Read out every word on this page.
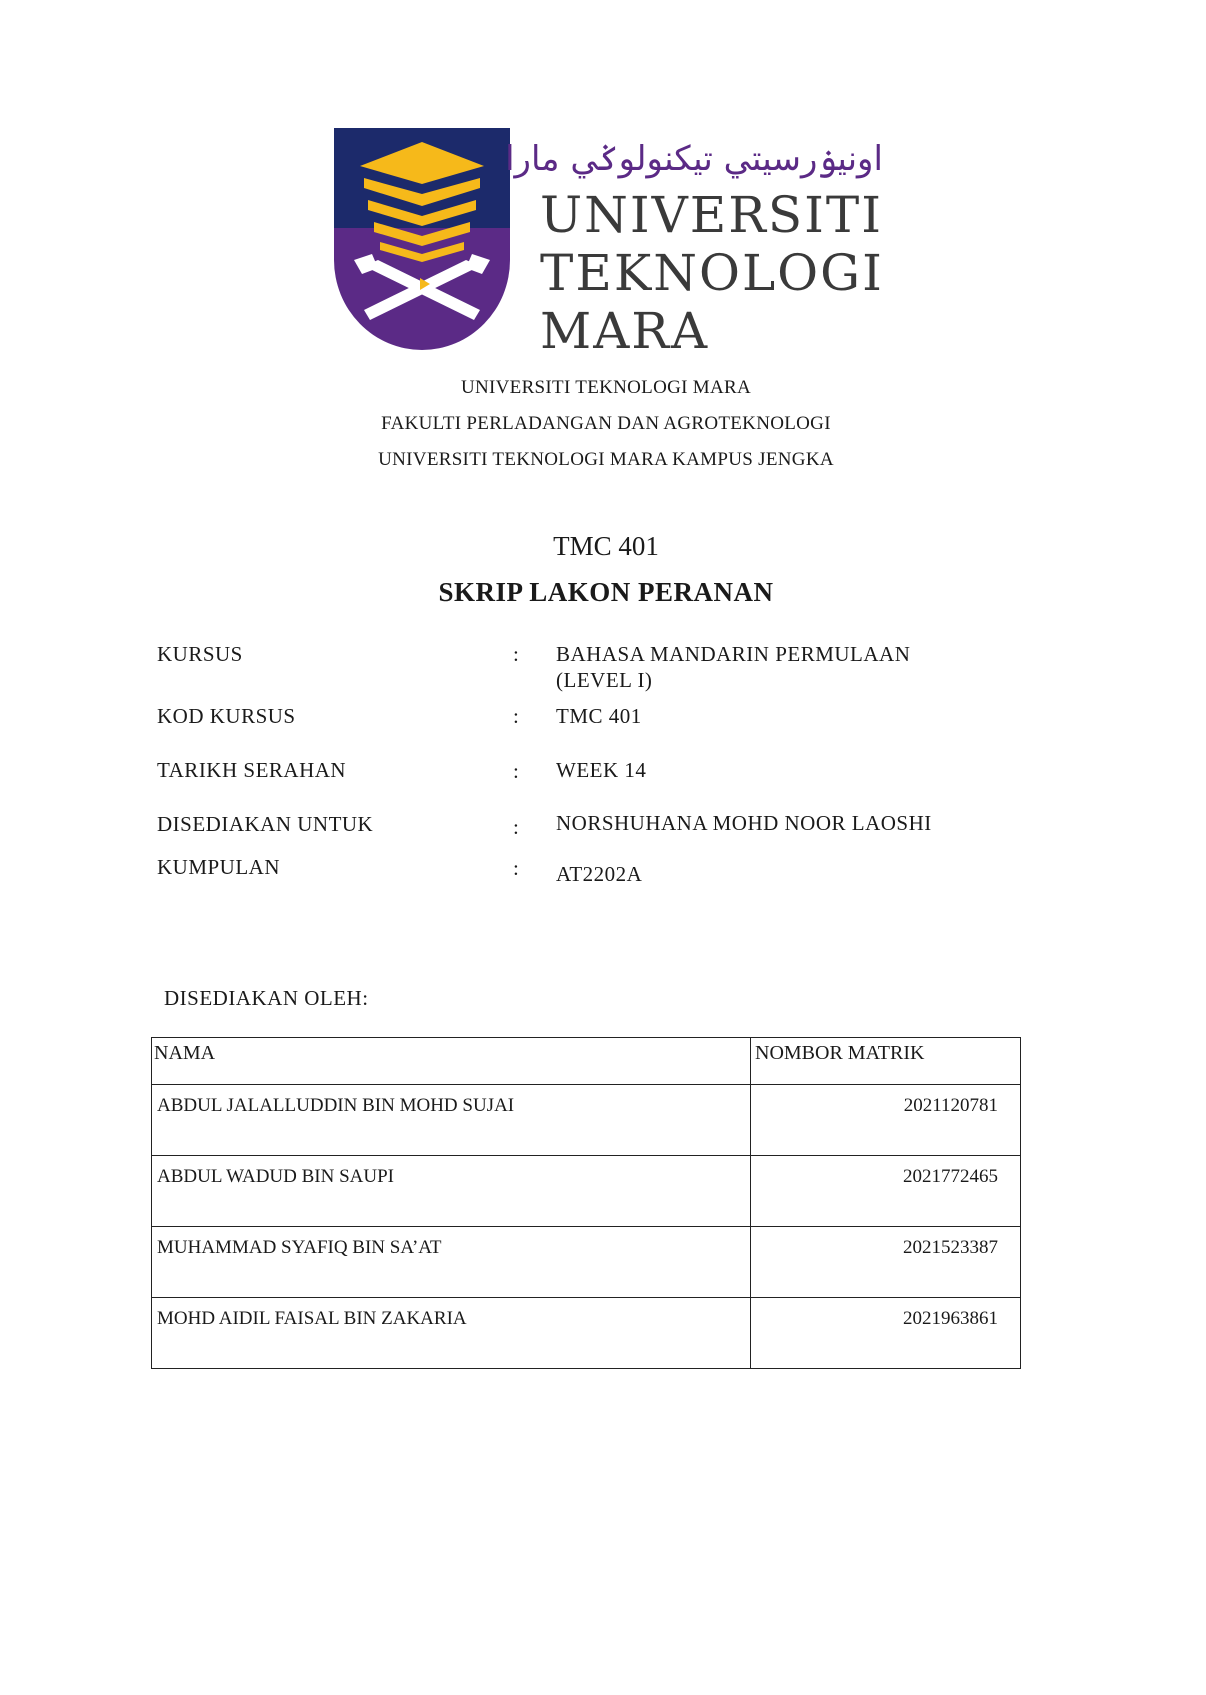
اونيۏرسيتي تيكنولوݢي مارا
UNIVERSITI
TEKNOLOGI
MARA
UNIVERSITI TEKNOLOGI MARA
FAKULTI PERLADANGAN DAN AGROTEKNOLOGI
UNIVERSITI TEKNOLOGI MARA KAMPUS JENGKA
TMC 401
SKRIP LAKON PERANAN
KURSUS	: BAHASA MANDARIN PERMULAAN (LEVEL I)
KOD KURSUS	: TMC 401
TARIKH SERAHAN	: WEEK 14
DISEDIAKAN UNTUK	: NORSHUHANA MOHD NOOR LAOSHI
KUMPULAN	: AT2202A
DISEDIAKAN OLEH:
NAMA	NOMBOR MATRIK
ABDUL JALALLUDDIN BIN MOHD SUJAI	2021120781
ABDUL WADUD BIN SAUPI	2021772465
MUHAMMAD SYAFIQ BIN SA’AT	2021523387
MOHD AIDIL FAISAL BIN ZAKARIA	2021963861
